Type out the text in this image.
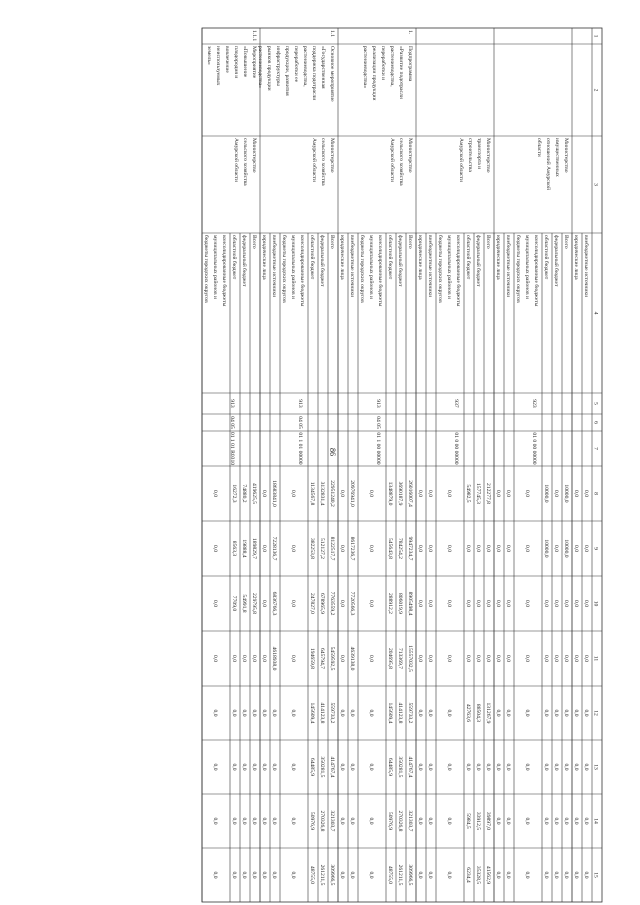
86
1
2
3
4
5
6
7
8
9
10
11
12
13
14
15
внебюджетные источники
0,0
0,0
0,0
0,0
0,0
0,0
0,0
0,0
юридические лица
0,0
0,0
0,0
0,0
0,0
0,0
0,0
0,0
Всего
10000,0
10000,0
0,0
0,0
0,0
0,0
0,0
0,0
федеральный бюджет
0,0
0,0
0,0
0,0
0,0
0,0
0,0
0,0
областной бюджет
10000,0
10000,0
0,0
0,0
0,0
0,0
0,0
0,0
консолидированные бюджеты
муниципальных районов и
бюджеты городских округов
0,0
0,0
0,0
0,0
0,0
0,0
0,0
0,0
внебюджетные источники
0,0
0,0
0,0
0,0
0,0
0,0
0,0
0,0
юридические лица
0,0
0,0
0,0
0,0
0,0
0,0
0,0
0,0
Всего
212277,8
0,0
0,0
0,0
131267,9
0,0
39897,0
41562,9
федеральный бюджет
157745,3
0,0
0,0
0,0
88504,3
0,0
33912,5
35328,5
областной бюджет
54982,5
0,0
0,0
0,0
42763,6
0,0
5984,5
6234,4
консолидированные бюджеты
муниципальных районов и
бюджеты городских округов
0,0
0,0
0,0
0,0
0,0
0,0
0,0
0,0
внебюджетные источники
0,0
0,0
0,0
0,0
0,0
0,0
0,0
0,0
юридические лица
0,0
0,0
0,0
0,0
0,0
0,0
0,0
0,0
Всего
26016007,4
9947234,7
8905498,4
15557032,5
559733,2
414767,4
321303,7
309966,5
федеральный бюджет
3690187,9
784254,2
806019,9
713369,7
414123,8
350281,5
270326,8
261211,5
областной бюджет
1348879,0
545643,8
288912,2
204695,8
145609,4
64485,9
50976,9
48755,0
консолидированные бюджеты
муниципальных районов и
бюджеты городских округов
0,0
0,0
0,0
0,0
0,0
0,0
0,0
0,0
внебюджетные источники
20976941,0
8617236,7
7720566,3
4639138,0
0,0
0,0
0,0
0,0
юридические лица
0,0
0,0
0,0
0,0
0,0
0,0
0,0
0,0
Всего
22951240,2
8122517,7
7763559,2
5459592,5
559733,2
414767,4
321303,7
309966,5
федеральный бюджет
3132831,4
512127,2
678965,9
645794,7
414123,8
350281,5
270326,8
261211,5
областной бюджет
1134567,8
382253,8
247827,0
194659,8
145609,4
64485,9
50976,9
48755,0
консолидированные бюджеты
муниципальных районов и
бюджеты городских округов
0,0
0,0
0,0
0,0
0,0
0,0
0,0
0,0
внебюджетные источники
18683841,0
7228136,7
6836766,3
4618938,0
0,0
0,0
0,0
0,0
юридические лица
0,0
0,0
0,0
0,0
0,0
0,0
0,0
0,0
Всего
419625,5
189829,7
229795,8
0,0
0,0
0,0
0,0
0,0
федеральный бюджет
74880,2
19888,4
54991,8
0,0
0,0
0,0
0,0
0,0
областной бюджет
16272,3
8563,3
7709,0
0,0
0,0
0,0
0,0
0,0
консолидированные бюджеты
муниципальных районов и
бюджеты городских округов
0,0
0,0
0,0
0,0
0,0
0,0
0,0
0,0
Министерство
имущественных
отношений Амурской
области
923
01 0 00 00000
Министерство
транспорта и
строительства
Амурской области
937
01 0 00 00000
1.
Подпрограмма
«Развитие подотрасли
растениеводства,
переработки и
реализации продукции
растениеводства»
Министерство
сельского хозяйства
Амурской области
913
04 05
01 1 00 00000
1.1
Основное мероприятие
«Государственная
поддержка подотрасли
растениеводства,
переработки ее
продукции, развития
инфраструктуры
рынков продукции
растениеводства»
Министерство
сельского хозяйства
Амурской области
913
04 05
01 1 01 00000
1.1.1
Мероприятие
«Повышение
плодородия и
вовлечение
неиспользуемых
земель»
Министерство
сельского хозяйства
Амурской области
913
04 05
01 1 01 R0310
